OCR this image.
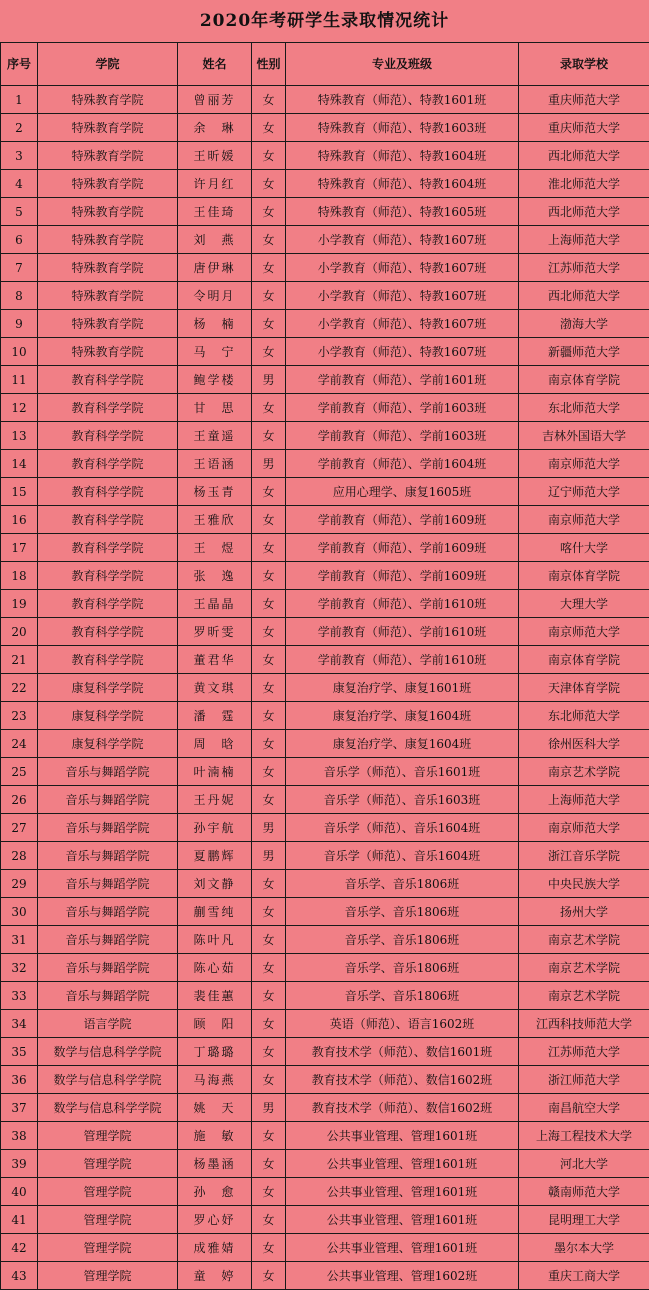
2020年考研学生录取情况统计
序号	学院	姓名	性别	专业及班级	录取学校
1	特殊教育学院	曾丽芳	女	特殊教育（师范）、特教1601班	重庆师范大学
2	特殊教育学院	余　琳	女	特殊教育（师范）、特教1603班	重庆师范大学
3	特殊教育学院	王昕媛	女	特殊教育（师范）、特教1604班	西北师范大学
4	特殊教育学院	许月红	女	特殊教育（师范）、特教1604班	淮北师范大学
5	特殊教育学院	王佳琦	女	特殊教育（师范）、特教1605班	西北师范大学
6	特殊教育学院	刘　燕	女	小学教育（师范）、特教1607班	上海师范大学
7	特殊教育学院	唐伊琳	女	小学教育（师范）、特教1607班	江苏师范大学
8	特殊教育学院	令明月	女	小学教育（师范）、特教1607班	西北师范大学
9	特殊教育学院	杨　楠	女	小学教育（师范）、特教1607班	渤海大学
10	特殊教育学院	马　宁	女	小学教育（师范）、特教1607班	新疆师范大学
11	教育科学学院	鲍学楼	男	学前教育（师范）、学前1601班	南京体育学院
12	教育科学学院	甘　思	女	学前教育（师范）、学前1603班	东北师范大学
13	教育科学学院	王童遥	女	学前教育（师范）、学前1603班	吉林外国语大学
14	教育科学学院	王语涵	男	学前教育（师范）、学前1604班	南京师范大学
15	教育科学学院	杨玉青	女	应用心理学、康复1605班	辽宁师范大学
16	教育科学学院	王雅欣	女	学前教育（师范）、学前1609班	南京师范大学
17	教育科学学院	王　煜	女	学前教育（师范）、学前1609班	喀什大学
18	教育科学学院	张　逸	女	学前教育（师范）、学前1609班	南京体育学院
19	教育科学学院	王晶晶	女	学前教育（师范）、学前1610班	大理大学
20	教育科学学院	罗昕雯	女	学前教育（师范）、学前1610班	南京师范大学
21	教育科学学院	董君华	女	学前教育（师范）、学前1610班	南京体育学院
22	康复科学学院	黄文琪	女	康复治疗学、康复1601班	天津体育学院
23	康复科学学院	潘　霆	女	康复治疗学、康复1604班	东北师范大学
24	康复科学学院	周　晗	女	康复治疗学、康复1604班	徐州医科大学
25	音乐与舞蹈学院	叶湳楠	女	音乐学（师范）、音乐1601班	南京艺术学院
26	音乐与舞蹈学院	王丹妮	女	音乐学（师范）、音乐1603班	上海师范大学
27	音乐与舞蹈学院	孙宇航	男	音乐学（师范）、音乐1604班	南京师范大学
28	音乐与舞蹈学院	夏鹏辉	男	音乐学（师范）、音乐1604班	浙江音乐学院
29	音乐与舞蹈学院	刘文静	女	音乐学、音乐1806班	中央民族大学
30	音乐与舞蹈学院	蒯雪纯	女	音乐学、音乐1806班	扬州大学
31	音乐与舞蹈学院	陈叶凡	女	音乐学、音乐1806班	南京艺术学院
32	音乐与舞蹈学院	陈心茹	女	音乐学、音乐1806班	南京艺术学院
33	音乐与舞蹈学院	裴佳蕙	女	音乐学、音乐1806班	南京艺术学院
34	语言学院	顾　阳	女	英语（师范）、语言1602班	江西科技师范大学
35	数学与信息科学学院	丁璐璐	女	教育技术学（师范）、数信1601班	江苏师范大学
36	数学与信息科学学院	马海燕	女	教育技术学（师范）、数信1602班	浙江师范大学
37	数学与信息科学学院	姚　天	男	教育技术学（师范）、数信1602班	南昌航空大学
38	管理学院	施　敏	女	公共事业管理、管理1601班	上海工程技术大学
39	管理学院	杨墨涵	女	公共事业管理、管理1601班	河北大学
40	管理学院	孙　愈	女	公共事业管理、管理1601班	赣南师范大学
41	管理学院	罗心妤	女	公共事业管理、管理1601班	昆明理工大学
42	管理学院	成雅婧	女	公共事业管理、管理1601班	墨尔本大学
43	管理学院	童　婷	女	公共事业管理、管理1602班	重庆工商大学
